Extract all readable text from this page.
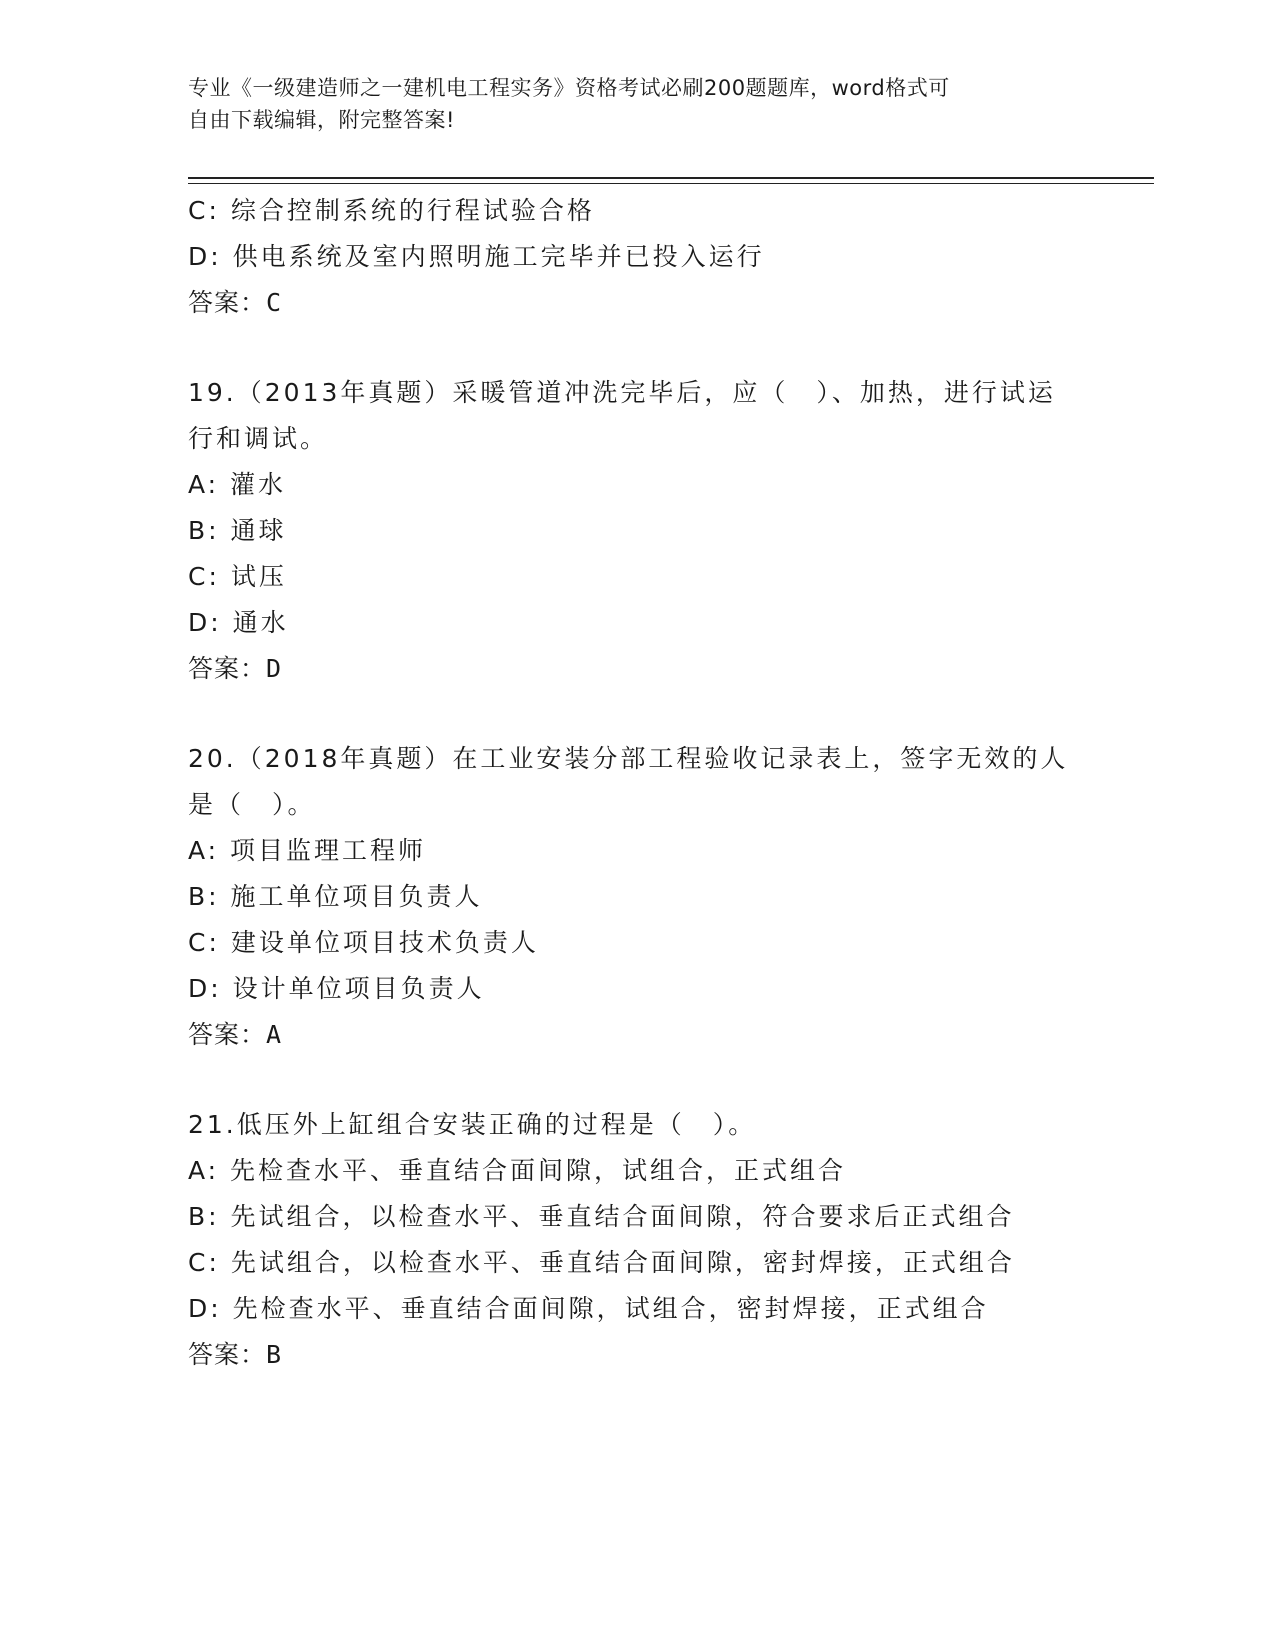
专业《一级建造师之一建机电工程实务》资格考试必刷200题题库，word格式可
自由下载编辑，附完整答案!
C: 综合控制系统的行程试验合格
D: 供电系统及室内照明施工完毕并已投入运行
答案：C
19.（2013年真题）采暖管道冲洗完毕后，应（　）、加热，进行试运
行和调试。
A: 灌水
B: 通球
C: 试压
D: 通水
答案：D
20.（2018年真题）在工业安装分部工程验收记录表上，签字无效的人
是（　）。
A: 项目监理工程师
B: 施工单位项目负责人
C: 建设单位项目技术负责人
D: 设计单位项目负责人
答案：A
21.低压外上缸组合安装正确的过程是（　）。
A: 先检查水平、垂直结合面间隙，试组合，正式组合
B: 先试组合，以检查水平、垂直结合面间隙，符合要求后正式组合
C: 先试组合，以检查水平、垂直结合面间隙，密封焊接，正式组合
D: 先检查水平、垂直结合面间隙，试组合，密封焊接，正式组合
答案：B
